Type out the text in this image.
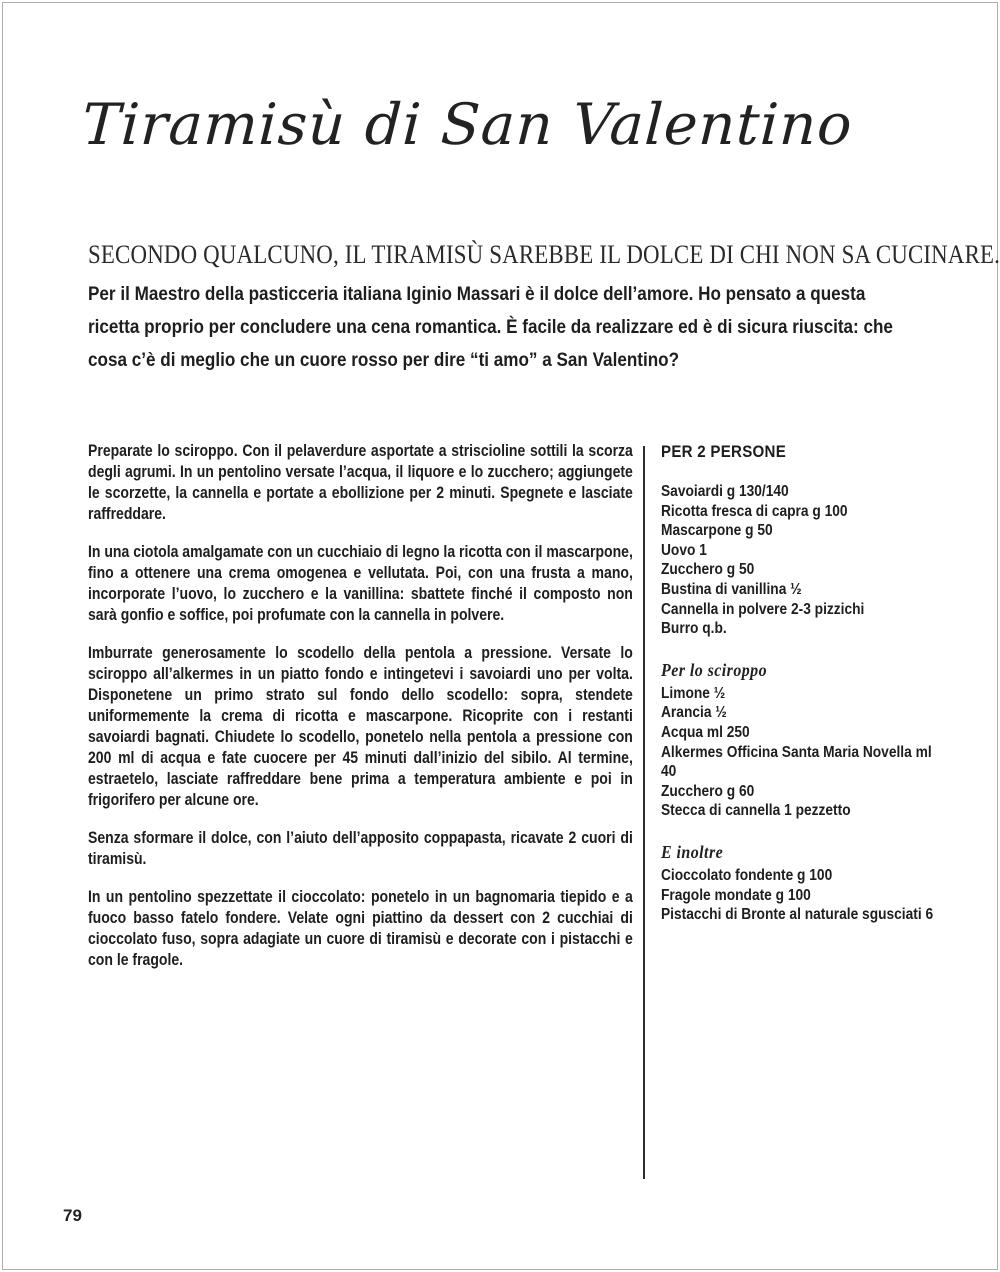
Tiramisù di San Valentino
SECONDO QUALCUNO, IL TIRAMISÙ SAREBBE IL DOLCE DI CHI NON SA CUCINARE.

Per il Maestro della pasticceria italiana Iginio Massari è il dolce dell’amore. Ho pensato a questa ricetta proprio per concludere una cena romantica. È facile da realizzare ed è di sicura riuscita: che cosa c’è di meglio che un cuore rosso per dire “ti amo” a San Valentino?

Preparate lo sciroppo. Con il pelaverdure asportate a striscioline sottili la scorza degli agrumi. In un pentolino versate l’acqua, il liquore e lo zucchero; aggiungete le scorzette, la cannella e portate a ebollizione per 2 minuti. Spegnete e lasciate raffreddare.

In una ciotola amalgamate con un cucchiaio di legno la ricotta con il mascarpone, fino a ottenere una crema omogenea e vellutata. Poi, con una frusta a mano, incorporate l’uovo, lo zucchero e la vanillina: sbattete finché il composto non sarà gonfio e soffice, poi profumate con la cannella in polvere.

Imburrate generosamente lo scodello della pentola a pressione. Versate lo sciroppo all’alkermes in un piatto fondo e intingetevi i savoiardi uno per volta. Disponetene un primo strato sul fondo dello scodello: sopra, stendete uniformemente la crema di ricotta e mascarpone. Ricoprite con i restanti savoiardi bagnati. Chiudete lo scodello, ponetelo nella pentola a pressione con 200 ml di acqua e fate cuocere per 45 minuti dall’inizio del sibilo. Al termine, estraetelo, lasciate raffreddare bene prima a temperatura ambiente e poi in frigorifero per alcune ore.

Senza sformare il dolce, con l’aiuto dell’apposito coppapasta, ricavate 2 cuori di tiramisù.

In un pentolino spezzettate il cioccolato: ponetelo in un bagnomaria tiepido e a fuoco basso fatelo fondere. Velate ogni piattino da dessert con 2 cucchiai di cioccolato fuso, sopra adagiate un cuore di tiramisù e decorate con i pistacchi e con le fragole.

PER 2 PERSONE
Savoiardi g 130/140
Ricotta fresca di capra g 100
Mascarpone g 50
Uovo 1
Zucchero g 50
Bustina di vanillina ½
Cannella in polvere 2-3 pizzichi
Burro q.b.
Per lo sciroppo
Limone ½
Arancia ½
Acqua ml 250
Alkermes Officina Santa Maria Novella ml 40
Zucchero g 60
Stecca di cannella 1 pezzetto
E inoltre
Cioccolato fondente g 100
Fragole mondate g 100
Pistacchi di Bronte al naturale sgusciati 6
79
